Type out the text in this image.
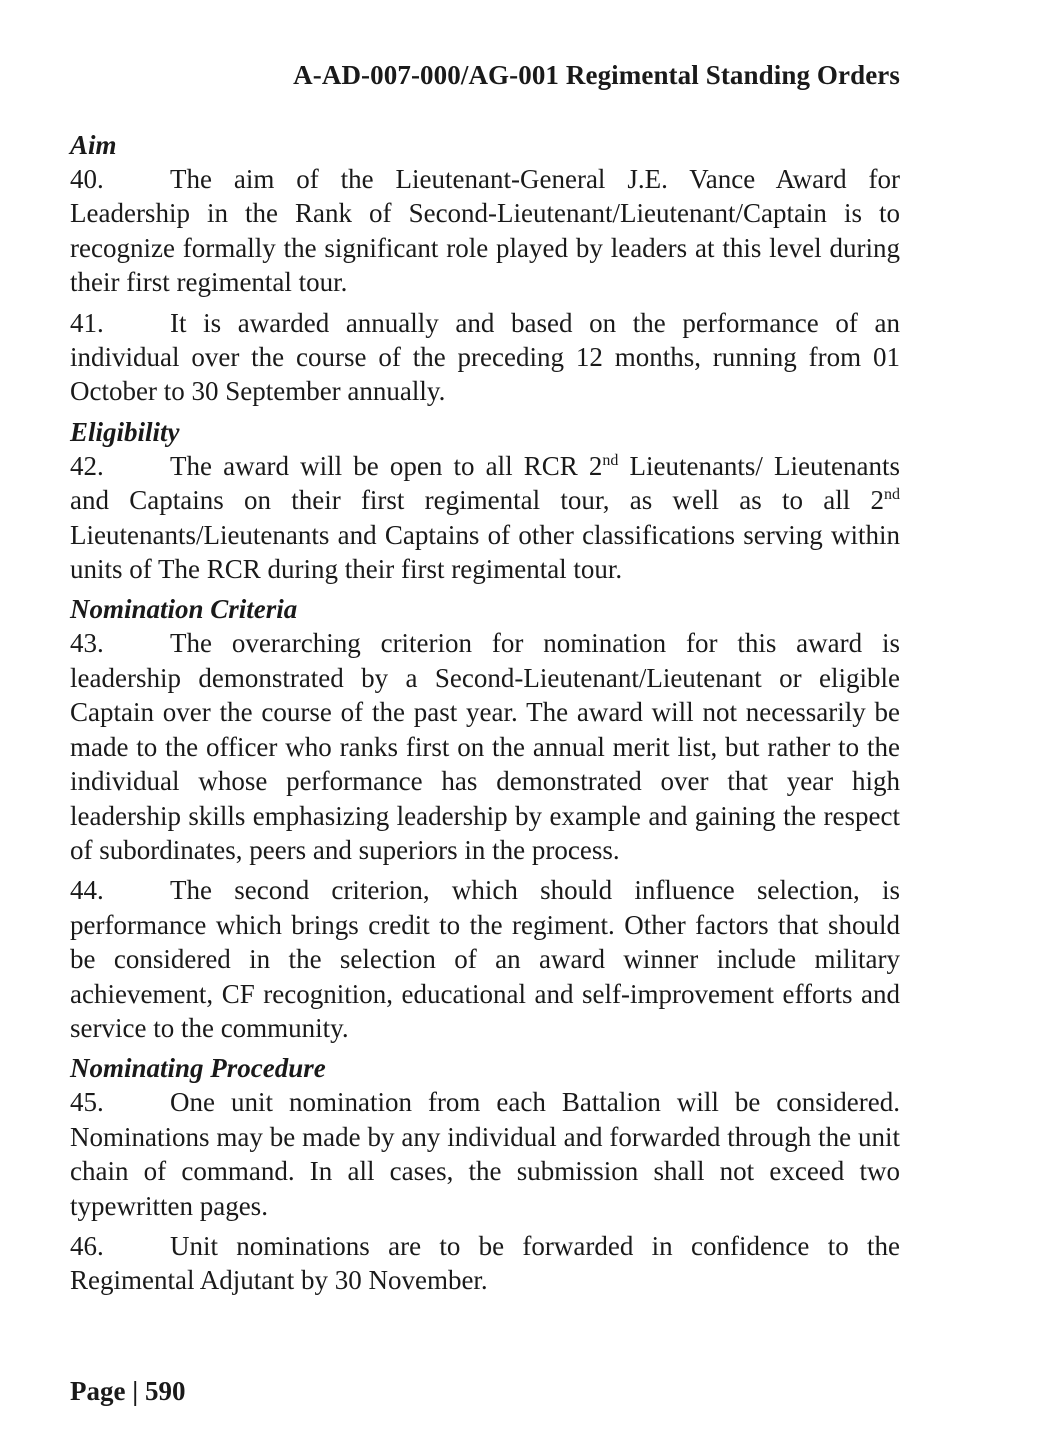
A-AD-007-000/AG-001 Regimental Standing Orders
Aim

40. The aim of the Lieutenant-General J.E. Vance Award for Leadership in the Rank of Second-Lieutenant/Lieutenant/Captain is to recognize formally the significant role played by leaders at this level during their first regimental tour.

41. It is awarded annually and based on the performance of an individual over the course of the preceding 12 months, running from 01 October to 30 September annually.

Eligibility

42. The award will be open to all RCR 2nd Lieutenants/ Lieutenants and Captains on their first regimental tour, as well as to all 2nd Lieutenants/Lieutenants and Captains of other classifications serving within units of The RCR during their first regimental tour.

Nomination Criteria

43. The overarching criterion for nomination for this award is leadership demonstrated by a Second-Lieutenant/Lieutenant or eligible Captain over the course of the past year. The award will not necessarily be made to the officer who ranks first on the annual merit list, but rather to the individual whose performance has demonstrated over that year high leadership skills emphasizing leadership by example and gaining the respect of subordinates, peers and superiors in the process.

44. The second criterion, which should influence selection, is performance which brings credit to the regiment. Other factors that should be considered in the selection of an award winner include military achievement, CF recognition, educational and self-improvement efforts and service to the community.

Nominating Procedure

45. One unit nomination from each Battalion will be considered. Nominations may be made by any individual and forwarded through the unit chain of command. In all cases, the submission shall not exceed two typewritten pages.

46. Unit nominations are to be forwarded in confidence to the Regimental Adjutant by 30 November.

Page | 590
